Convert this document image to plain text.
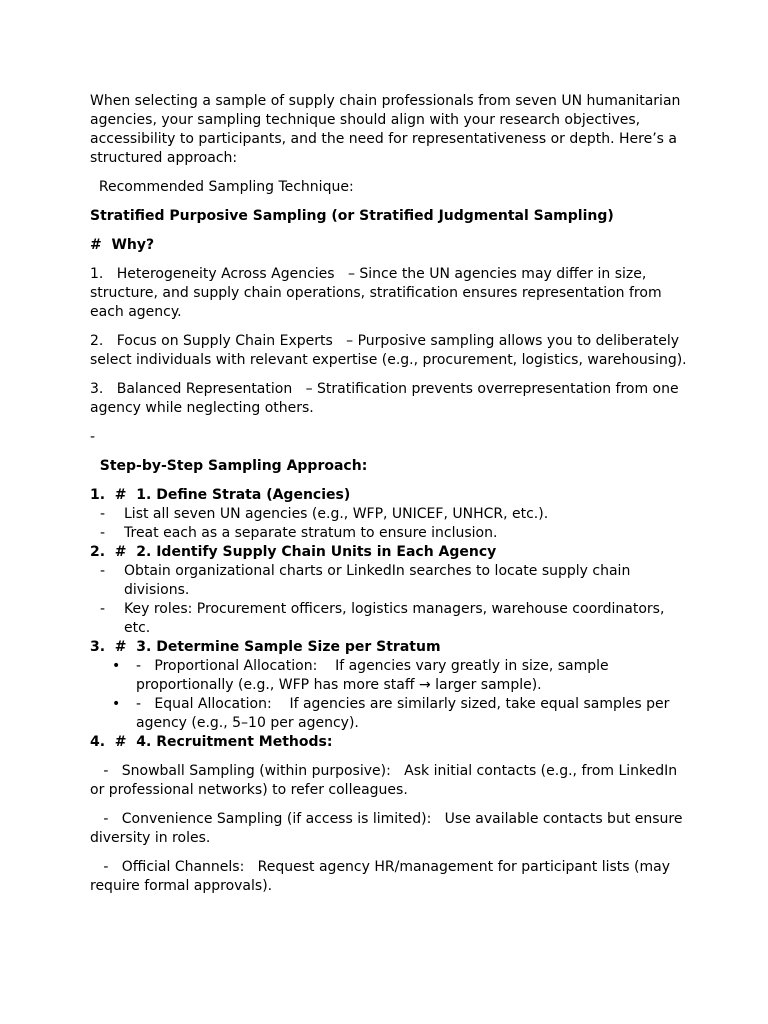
When selecting a sample of supply chain professionals from seven UN humanitarian agencies, your sampling technique should align with your research objectives, accessibility to participants, and the need for representativeness or depth. Here’s a structured approach:

Recommended Sampling Technique:

Stratified Purposive Sampling (or Stratified Judgmental Sampling)

#  Why?

1.   Heterogeneity Across Agencies   – Since the UN agencies may differ in size, structure, and supply chain operations, stratification ensures representation from each agency.

2.   Focus on Supply Chain Experts   – Purposive sampling allows you to deliberately select individuals with relevant expertise (e.g., procurement, logistics, warehousing).

3.   Balanced Representation   – Stratification prevents overrepresentation from one agency while neglecting others.

-

Step-by-Step Sampling Approach:

1.  #  1. Define Strata (Agencies)
- List all seven UN agencies (e.g., WFP, UNICEF, UNHCR, etc.).
- Treat each as a separate stratum to ensure inclusion.
2.  #  2. Identify Supply Chain Units in Each Agency
- Obtain organizational charts or LinkedIn searches to locate supply chain divisions.
- Key roles: Procurement officers, logistics managers, warehouse coordinators, etc.
3.  #  3. Determine Sample Size per Stratum
• -   Proportional Allocation:    If agencies vary greatly in size, sample proportionally (e.g., WFP has more staff → larger sample).
• -   Equal Allocation:    If agencies are similarly sized, take equal samples per agency (e.g., 5–10 per agency).
4.  #  4. Recruitment Methods:

-   Snowball Sampling (within purposive):   Ask initial contacts (e.g., from LinkedIn or professional networks) to refer colleagues.

-   Convenience Sampling (if access is limited):   Use available contacts but ensure diversity in roles.

-   Official Channels:   Request agency HR/management for participant lists (may require formal approvals).
